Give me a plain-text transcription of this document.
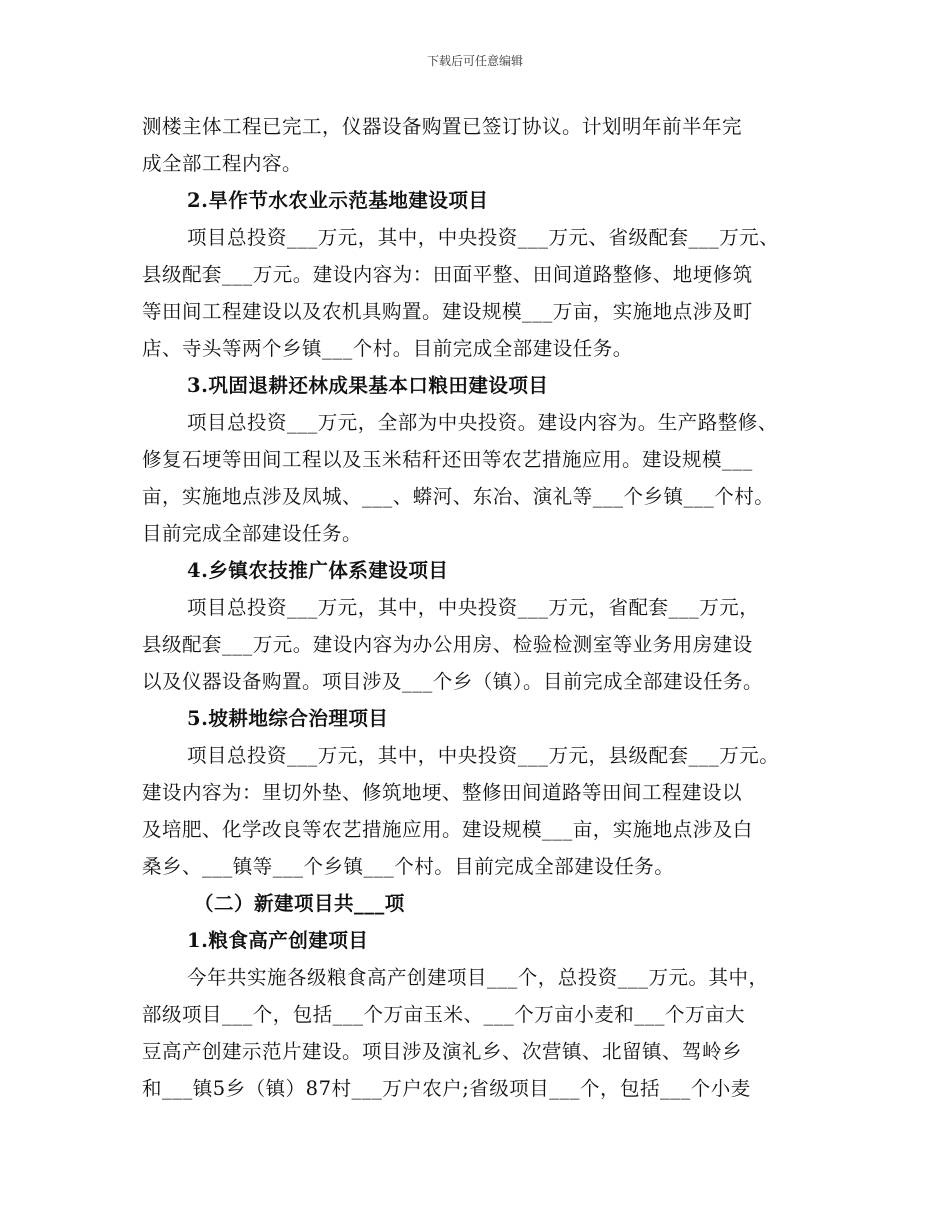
下载后可任意编辑
测楼主体工程已完工，仪器设备购置已签订协议。计划明年前半年完
成全部工程内容。
2.旱作节水农业示范基地建设项目
项目总投资___万元，其中，中央投资___万元、省级配套___万元、
县级配套___万元。建设内容为：田面平整、田间道路整修、地埂修筑
等田间工程建设以及农机具购置。建设规模___万亩，实施地点涉及町
店、寺头等两个乡镇___个村。目前完成全部建设任务。
3.巩固退耕还林成果基本口粮田建设项目
项目总投资___万元，全部为中央投资。建设内容为。生产路整修、
修复石埂等田间工程以及玉米秸秆还田等农艺措施应用。建设规模___
亩，实施地点涉及凤城、___、蟒河、东冶、演礼等___个乡镇___个村。
目前完成全部建设任务。
4.乡镇农技推广体系建设项目
项目总投资___万元，其中，中央投资___万元，省配套___万元，
县级配套___万元。建设内容为办公用房、检验检测室等业务用房建设
以及仪器设备购置。项目涉及___个乡（镇）。目前完成全部建设任务。
5.坡耕地综合治理项目
项目总投资___万元，其中，中央投资___万元，县级配套___万元。
建设内容为：里切外垫、修筑地埂、整修田间道路等田间工程建设以
及培肥、化学改良等农艺措施应用。建设规模___亩，实施地点涉及白
桑乡、___镇等___个乡镇___个村。目前完成全部建设任务。
（二）新建项目共___项
1.粮食高产创建项目
今年共实施各级粮食高产创建项目___个，总投资___万元。其中，
部级项目___个，包括___个万亩玉米、___个万亩小麦和___个万亩大
豆高产创建示范片建设。项目涉及演礼乡、次营镇、北留镇、驾岭乡
和___镇5乡（镇）87村___万户农户;省级项目___个，包括___个小麦
